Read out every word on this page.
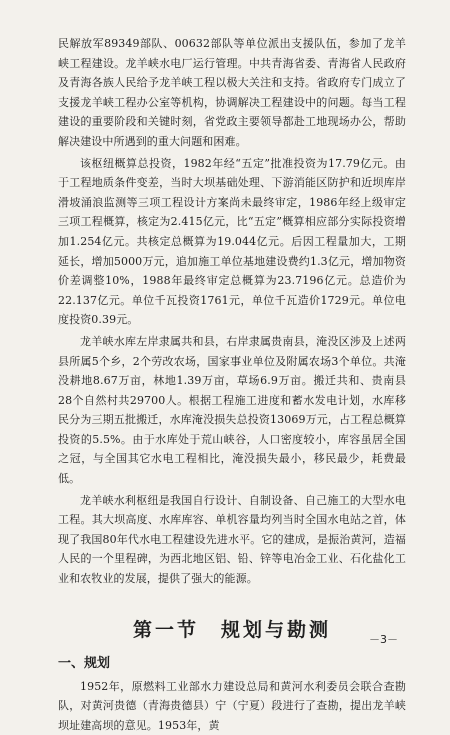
民解放军89349部队、00632部队等单位派出支援队伍，参加了龙羊峡工程建设。龙羊峡水电厂运行管理。中共青海省委、青海省人民政府及青海各族人民给予龙羊峡工程以极大关注和支持。省政府专门成立了支援龙羊峡工程办公室等机构，协调解决工程建设中的问题。每当工程建设的重要阶段和关键时刻，省党政主要领导都赴工地现场办公，帮助解决建设中所遇到的重大问题和困难。

该枢纽概算总投资，1982年经“五定”批准投资为17.79亿元。由于工程地质条件变差，当时大坝基础处理、下游消能区防护和近坝库岸滑坡涌浪监测等三项工程设计方案尚未最终审定，1986年经上级审定三项工程概算，核定为2.415亿元，比“五定”概算相应部分实际投资增加1.254亿元。共核定总概算为19.044亿元。后因工程量加大，工期延长，增加5000万元，追加施工单位基地建设费约1.3亿元，增加物资价差调整10%，1988年最终审定总概算为23.7196亿元。总造价为22.137亿元。单位千瓦投资1761元，单位千瓦造价1729元。单位电度投资0.39元。

龙羊峡水库左岸隶属共和县，右岸隶属贵南县，淹没区涉及上述两县所属5个乡，2个劳改农场，国家事业单位及附属农场3个单位。共淹没耕地8.67万亩，林地1.39万亩，草场6.9万亩。搬迁共和、贵南县28个自然村共29700人。根据工程施工进度和蓄水发电计划，水库移民分为三期五批搬迁，水库淹没损失总投资13069万元，占工程总概算投资的5.5%。由于水库处于荒山峡谷，人口密度较小，库容虽居全国之冠，与全国其它水电工程相比，淹没损失最小，移民最少，耗费最低。

龙羊峡水利枢纽是我国自行设计、自制设备、自己施工的大型水电工程。其大坝高度、水库库容、单机容量均列当时全国水电站之首，体现了我国80年代水电工程建设先进水平。它的建成，是振治黄河，造福人民的一个里程碑，为西北地区铝、铅、锌等电冶金工业、石化盐化工业和农牧业的发展，提供了强大的能源。

第一节　规划与勘测
一、规划

1952年，原燃料工业部水力建设总局和黄河水利委员会联合查勘队，对黄河贵德（青海贵德县）宁（宁夏）段进行了查勘，提出龙羊峡坝址建高坝的意见。1953年，黄

－3－
